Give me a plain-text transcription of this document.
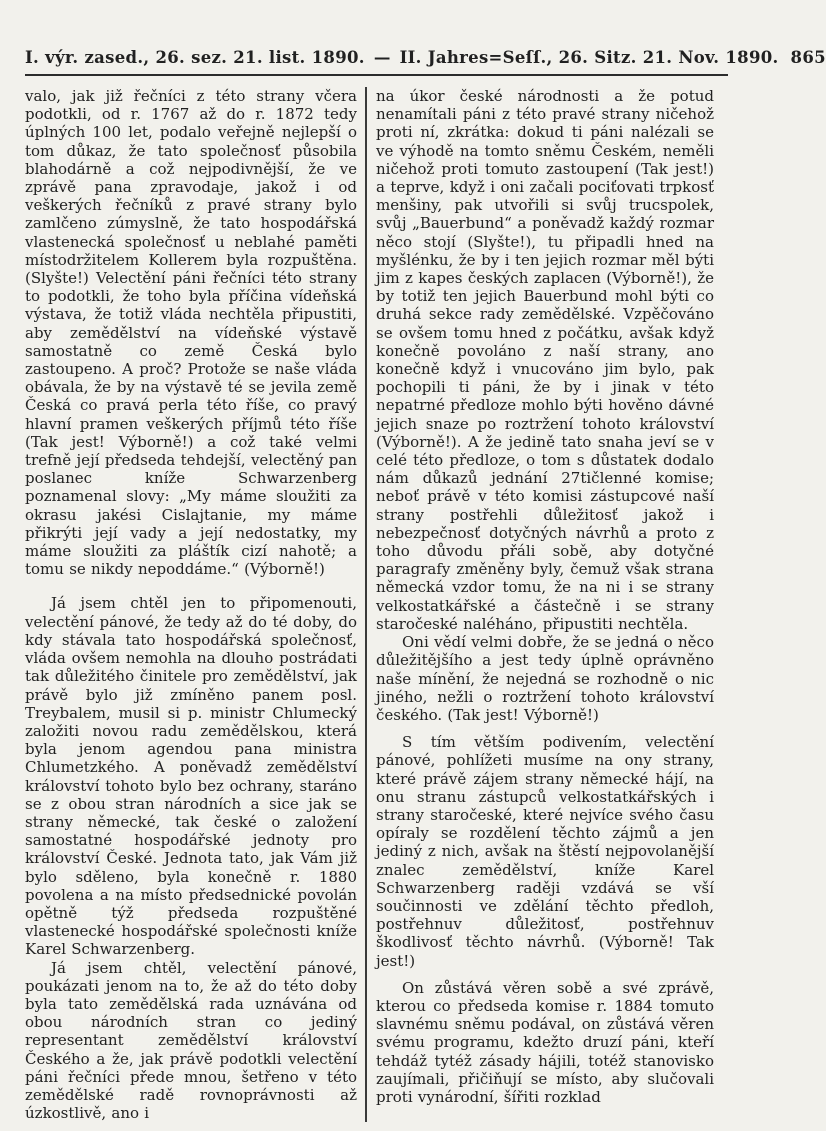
I. výr. zased., 26. sez. 21. list. 1890. — II. Jahres=Seſſ., 26. Sitz. 21. Nov. 1890. 865

valo, jak již řečníci z této strany včera podotkli, od r. 1767 až do r. 1872 tedy úplných 100 let, podalo veřejně nejlepší o tom důkaz, že tato společnosť působila blahodárně a což nejpodivnější, že ve zprávě pana zpravodaje, jakož i od veškerých řečníků z pravé strany bylo zamlčeno zúmyslně, že tato hospodářská vlastenecká společnosť u neblahé paměti místodržitelem Kollerem byla rozpuštěna. (Slyšte!) Velectění páni řečníci této strany to podotkli, že toho byla příčina vídeňská výstava, že totiž vláda nechtěla připustiti, aby zemědělství na vídeňské výstavě samostatně co země Česká bylo zastoupeno. A proč? Protože se naše vláda obávala, že by na výstavě té se jevila země Česká co pravá perla této říše, co pravý hlavní pramen veškerých příjmů této říše (Tak jest! Výborně!) a což také velmi trefně její předseda tehdejší, velectěný pan poslanec kníže Schwarzenberg poznamenal slovy: „My máme sloužiti za okrasu jakési Cislajtanie, my máme přikrýti její vady a její nedostatky, my máme sloužiti za pláštík cizí nahotě; a tomu se nikdy nepoddáme.“ (Výborně!)

Já jsem chtěl jen to připomenouti, velectění pánové, že tedy až do té doby, do kdy stávala tato hospodářská společnosť, vláda ovšem nemohla na dlouho postrádati tak důležitého činitele pro zemědělství, jak právě bylo již zmíněno panem posl. Treybalem, musil si p. ministr Chlumecký založiti novou radu zemědělskou, která byla jenom agendou pana ministra Chlumetzkého. A poněvadž zemědělství království tohoto bylo bez ochrany, staráno se z obou stran národních a sice jak se strany německé, tak české o založení samostatné hospodářské jednoty pro království České. Jednota tato, jak Vám již bylo sděleno, byla konečně r. 1880 povolena a na místo předsednické povolán opětně týž předseda rozpuštěné vlastenecké hospodářské společnosti kníže Karel Schwarzenberg.

Já jsem chtěl, velectění pánové, poukázati jenom na to, že až do této doby byla tato zemědělská rada uznávána od obou národních stran co jediný representant zemědělství království Českého a že, jak právě podotkli velectění páni řečníci přede mnou, šetřeno v této zemědělské radě rovnoprávnosti až úzkostlivě, ano i

na úkor české národnosti a že potud nenamítali páni z této pravé strany ničehož proti ní, zkrátka: dokud ti páni nalézali se ve výhodě na tomto sněmu Českém, neměli ničehož proti tomuto zastoupení (Tak jest!) a teprve, když i oni začali pociťovati trpkosť menšiny, pak utvořili si svůj trucspolek, svůj „Bauerbund“ a poněvadž každý rozmar něco stojí (Slyšte!), tu připadli hned na myšlénku, že by i ten jejich rozmar měl býti jim z kapes českých zaplacen (Výborně!), že by totiž ten jejich Bauerbund mohl býti co druhá sekce rady zemědělské. Vzpěčováno se ovšem tomu hned z počátku, avšak když konečně povoláno z naší strany, ano konečně když i vnucováno jim bylo, pak pochopili ti páni, že by i jinak v této nepatrné předloze mohlo býti hověno dávné jejich snaze po roztržení tohoto království (Výborně!). A že jedině tato snaha jeví se v celé této předloze, o tom s důstatek dodalo nám důkazů jednání 27tičlenné komise; neboť právě v této komisi zástupcové naší strany postřehli důležitosť jakož i nebezpečnosť dotyčných návrhů a proto z toho důvodu přáli sobě, aby dotyčné paragrafy změněny byly, čemuž však strana německá vzdor tomu, že na ni i se strany velkostatkářské a částečně i se strany staročeské naléháno, připustiti nechtěla.

Oni vědí velmi dobře, že se jedná o něco důležitějšího a jest tedy úplně oprávněno naše mínění, že nejedná se rozhodně o nic jiného, nežli o roztržení tohoto království českého. (Tak jest! Výborně!)

S tím větším podivením, velectění pánové, pohlížeti musíme na ony strany, které právě zájem strany německé hájí, na onu stranu zástupců velkostatkářských i strany staročeské, které nejvíce svého času opíraly se rozdělení těchto zájmů a jen jediný z nich, avšak na štěstí nejpovolanější znalec zemědělství, kníže Karel Schwarzenberg raději vzdává se vší součinnosti ve zdělání těchto předloh, postřehnuv důležitosť, postřehnuv škodlivosť těchto návrhů. (Výborně! Tak jest!)

On zůstává věren sobě a své zprávě, kterou co předseda komise r. 1884 tomuto slavnému sněmu podával, on zůstává věren svému programu, kdežto druzí páni, kteří tehdáž tytéž zásady hájili, totéž stanovisko zaujímali, přičiňují se místo, aby slučovali proti vynárodní, šířiti rozklad
